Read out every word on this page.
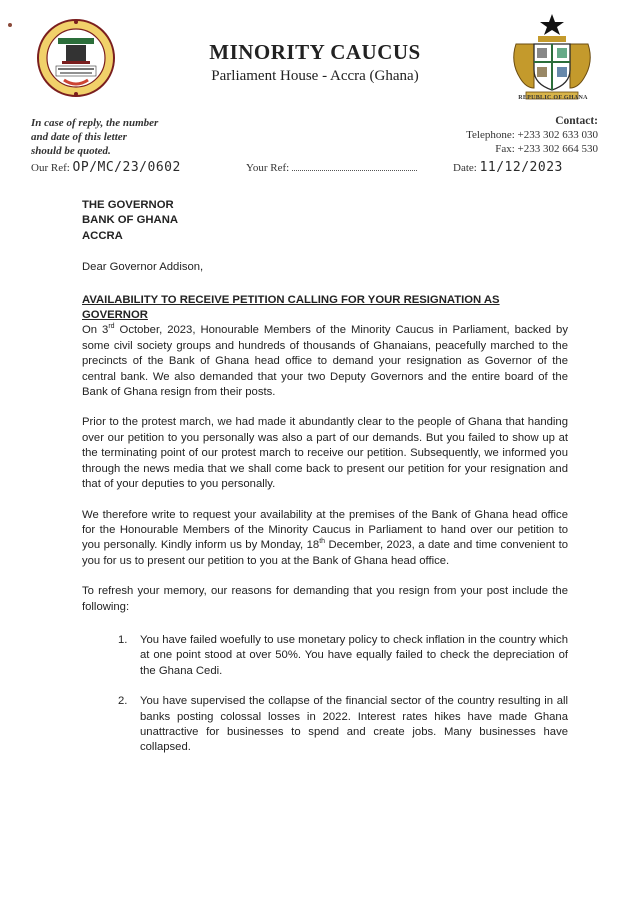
REPUBLIC OF GHANA
MINORITY CAUCUS
Parliament House - Accra (Ghana)
In case of reply, the number
and date of this letter
should be quoted.
Contact:
Telephone: +233 302 633 030
Fax: +233 302 664 530
Our Ref: OP/MC/23/0602	Your Ref:	Date: 11/12/2023
THE GOVERNOR
BANK OF GHANA
ACCRA
Dear Governor Addison,
AVAILABILITY TO RECEIVE PETITION CALLING FOR YOUR RESIGNATION AS GOVERNOR

On 3rd October, 2023, Honourable Members of the Minority Caucus in Parliament, backed by some civil society groups and hundreds of thousands of Ghanaians, peacefully marched to the precincts of the Bank of Ghana head office to demand your resignation as Governor of the central bank. We also demanded that your two Deputy Governors and the entire board of the Bank of Ghana resign from their posts.

Prior to the protest march, we had made it abundantly clear to the people of Ghana that handing over our petition to you personally was also a part of our demands. But you failed to show up at the terminating point of our protest march to receive our petition. Subsequently, we informed you through the news media that we shall come back to present our petition for your resignation and that of your deputies to you personally.

We therefore write to request your availability at the premises of the Bank of Ghana head office for the Honourable Members of the Minority Caucus in Parliament to hand over our petition to you personally. Kindly inform us by Monday, 18th December, 2023, a date and time convenient to you for us to present our petition to you at the Bank of Ghana head office.

To refresh your memory, our reasons for demanding that you resign from your post include the following:

1. You have failed woefully to use monetary policy to check inflation in the country which at one point stood at over 50%. You have equally failed to check the depreciation of the Ghana Cedi.
2. You have supervised the collapse of the financial sector of the country resulting in all banks posting colossal losses in 2022. Interest rates hikes have made Ghana unattractive for businesses to spend and create jobs. Many businesses have collapsed.
